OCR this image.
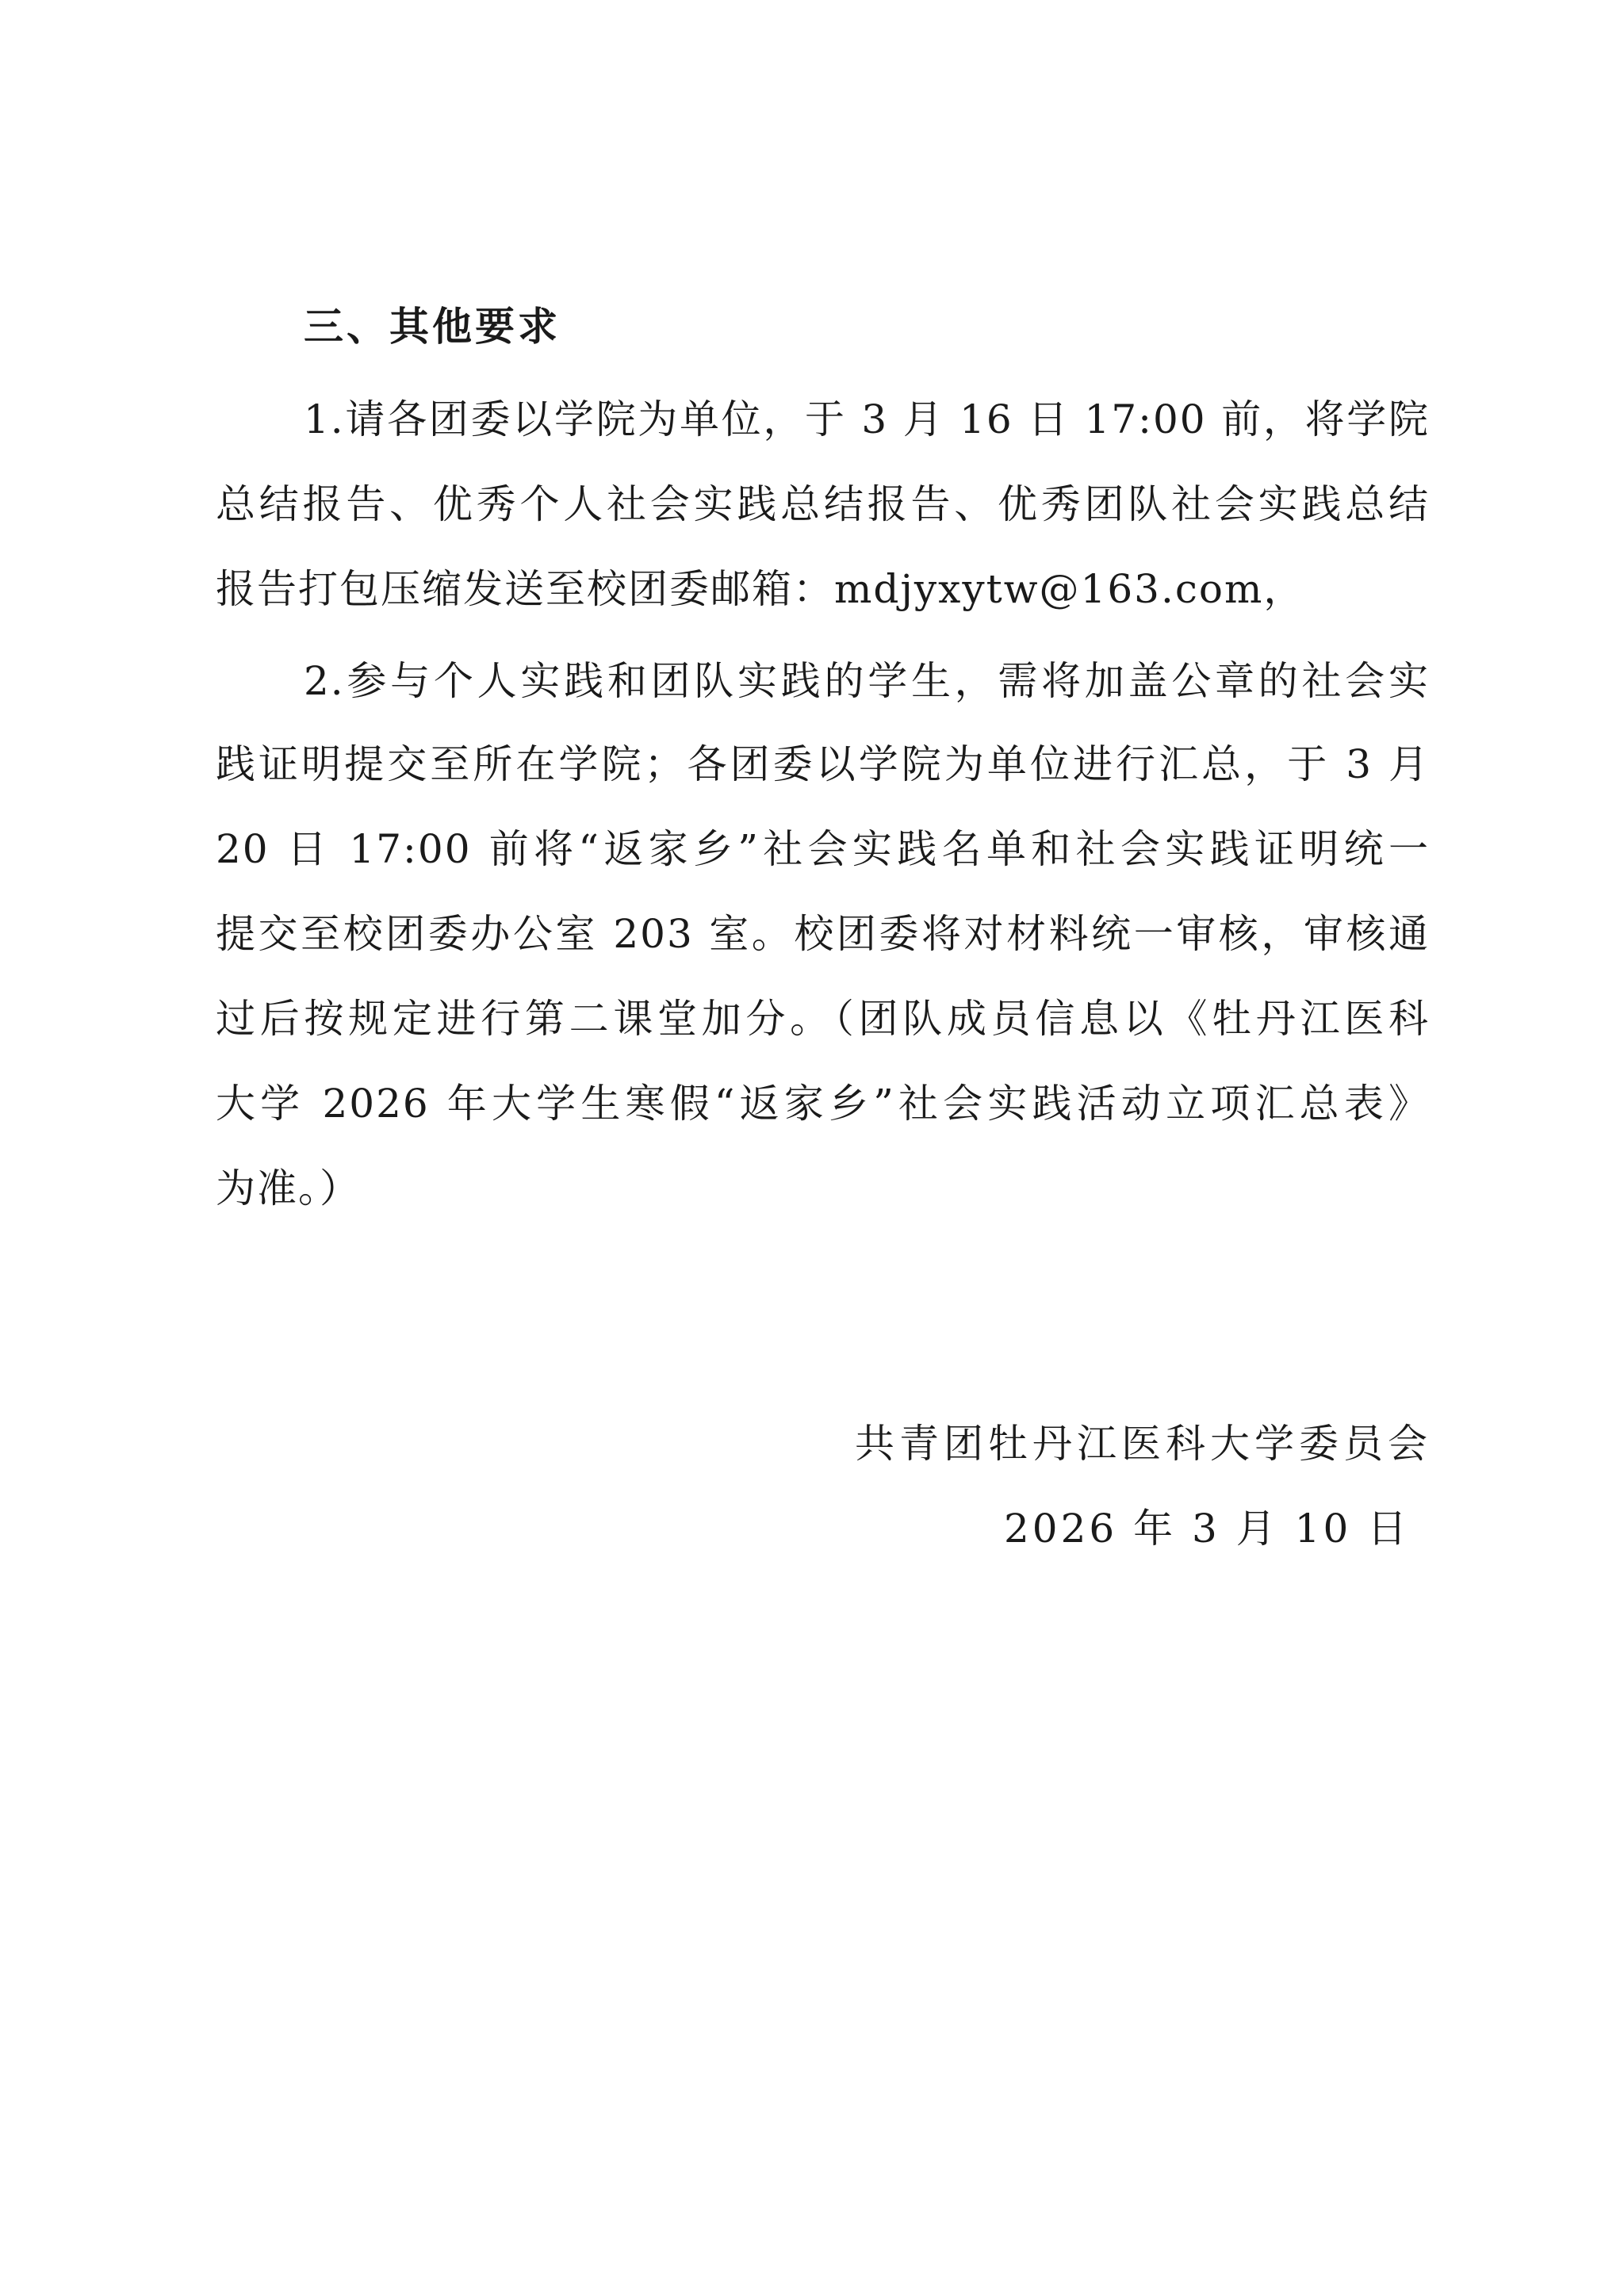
三、其他要求
1.请各团委以学院为单位，于 3 月 16 日 17:00 前，将学院
总结报告、优秀个人社会实践总结报告、优秀团队社会实践总结
报告打包压缩发送至校团委邮箱：mdjyxytw@163.com，
2.参与个人实践和团队实践的学生，需将加盖公章的社会实
践证明提交至所在学院；各团委以学院为单位进行汇总，于 3 月
20 日 17:00 前将“返家乡”社会实践名单和社会实践证明统一
提交至校团委办公室 203 室。校团委将对材料统一审核，审核通
过后按规定进行第二课堂加分。（团队成员信息以《牡丹江医科
大学 2026 年大学生寒假“返家乡”社会实践活动立项汇总表》
为准。）
共青团牡丹江医科大学委员会
2026 年 3 月 10 日
